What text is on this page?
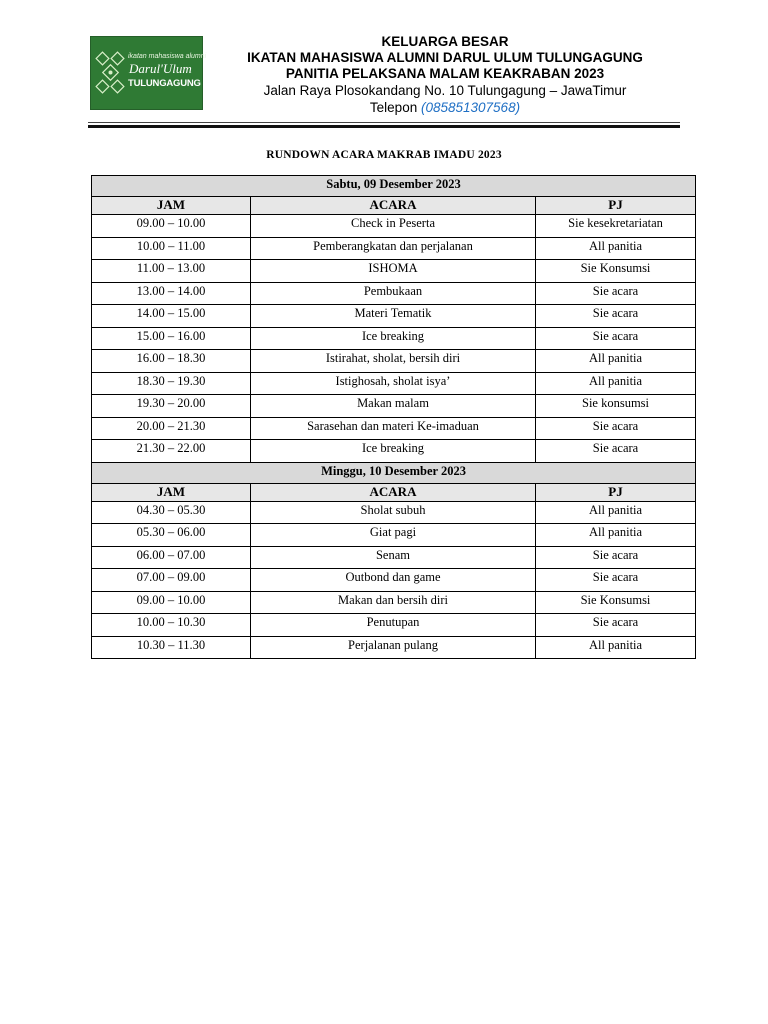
ikatan mahasiswa alumni
Darul'Ulum
TULUNGAGUNG
KELUARGA BESAR
IKATAN MAHASISWA ALUMNI DARUL ULUM TULUNGAGUNG
PANITIA PELAKSANA MALAM KEAKRABAN 2023
Jalan Raya Plosokandang No. 10 Tulungagung – JawaTimur
Telepon (085851307568)
RUNDOWN ACARA MAKRAB IMADU 2023
Sabtu, 09 Desember 2023		
JAM	ACARA	PJ
09.00 – 10.00	Check in Peserta	Sie kesekretariatan
10.00 – 11.00	Pemberangkatan dan perjalanan	All panitia
11.00 – 13.00	ISHOMA	Sie Konsumsi
13.00 – 14.00	Pembukaan	Sie acara
14.00 – 15.00	Materi Tematik	Sie acara
15.00 – 16.00	Ice breaking	Sie acara
16.00 – 18.30	Istirahat, sholat, bersih diri	All panitia
18.30 – 19.30	Istighosah, sholat isya’	All panitia
19.30 – 20.00	Makan malam	Sie konsumsi
20.00 – 21.30	Sarasehan dan materi Ke-imaduan	Sie acara
21.30 – 22.00	Ice breaking	Sie acara
Minggu, 10 Desember 2023		
JAM	ACARA	PJ
04.30 – 05.30	Sholat subuh	All panitia
05.30 – 06.00	Giat pagi	All panitia
06.00 – 07.00	Senam	Sie acara
07.00 – 09.00	Outbond dan game	Sie acara
09.00 – 10.00	Makan dan bersih diri	Sie Konsumsi
10.00 – 10.30	Penutupan	Sie acara
10.30 – 11.30	Perjalanan pulang	All panitia
